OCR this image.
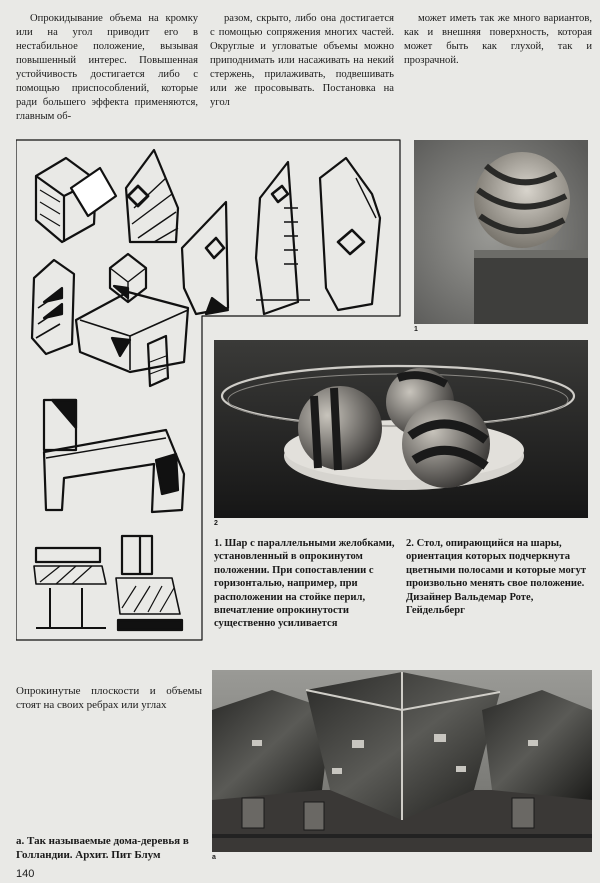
Опрокидывание объема на кромку или на угол приводит его в нестабильное положение, вызывая повышенный интерес. Повышенная устойчивость достигается либо с помощью приспособлений, которые ради большего эффекта применяются, главным об-

разом, скрыто, либо она достигается с помощью сопряжения многих частей. Округлые и угловатые объемы можно приподнимать или насаживать на некий стержень, прилаживать, подвешивать или же просовывать. Постановка на угол

может иметь так же много вариантов, как и внешняя поверхность, которая может быть как глухой, так и прозрачной.

1
2

1. Шар с параллельными желобками, установленный в опрокинутом положении. При сопоставлении с горизонталью, например, при расположении на стойке перил, впечатление опрокинутости существенно усиливается

2. Стол, опирающийся на шары, ориентация которых подчеркнута цветными полосами и которые могут произвольно менять свое положение. Дизайнер Вальдемар Роте, Гейдельберг

Опрокинутые плоскости и объемы стоят на своих ребрах или углах

а

а. Так называемые дома-деревья в Голландии. Архит. Пит Блум

140
